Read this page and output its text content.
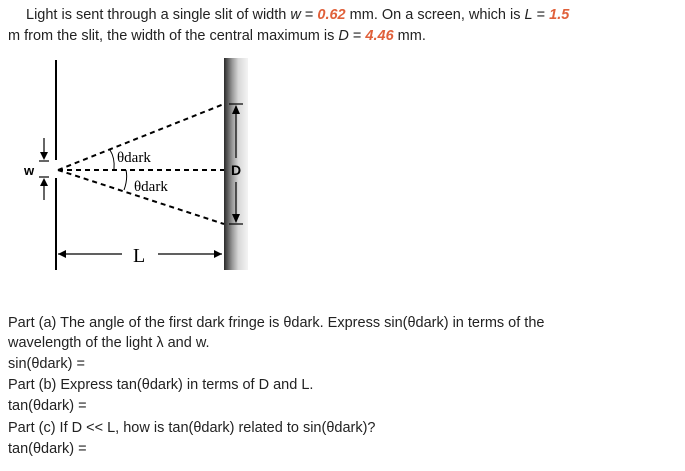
Light is sent through a single slit of width w = 0.62 mm. On a screen, which is L = 1.5
m from the slit, the width of the central maximum is D = 4.46 mm.
w	D
L
θdark
θdark
Part (a) The angle of the first dark fringe is θdark. Express sin(θdark) in terms of the
wavelength of the light λ and w.
sin(θdark) =
Part (b) Express tan(θdark) in terms of D and L.
tan(θdark) =
Part (c) If D << L, how is tan(θdark) related to sin(θdark)?
tan(θdark) =
